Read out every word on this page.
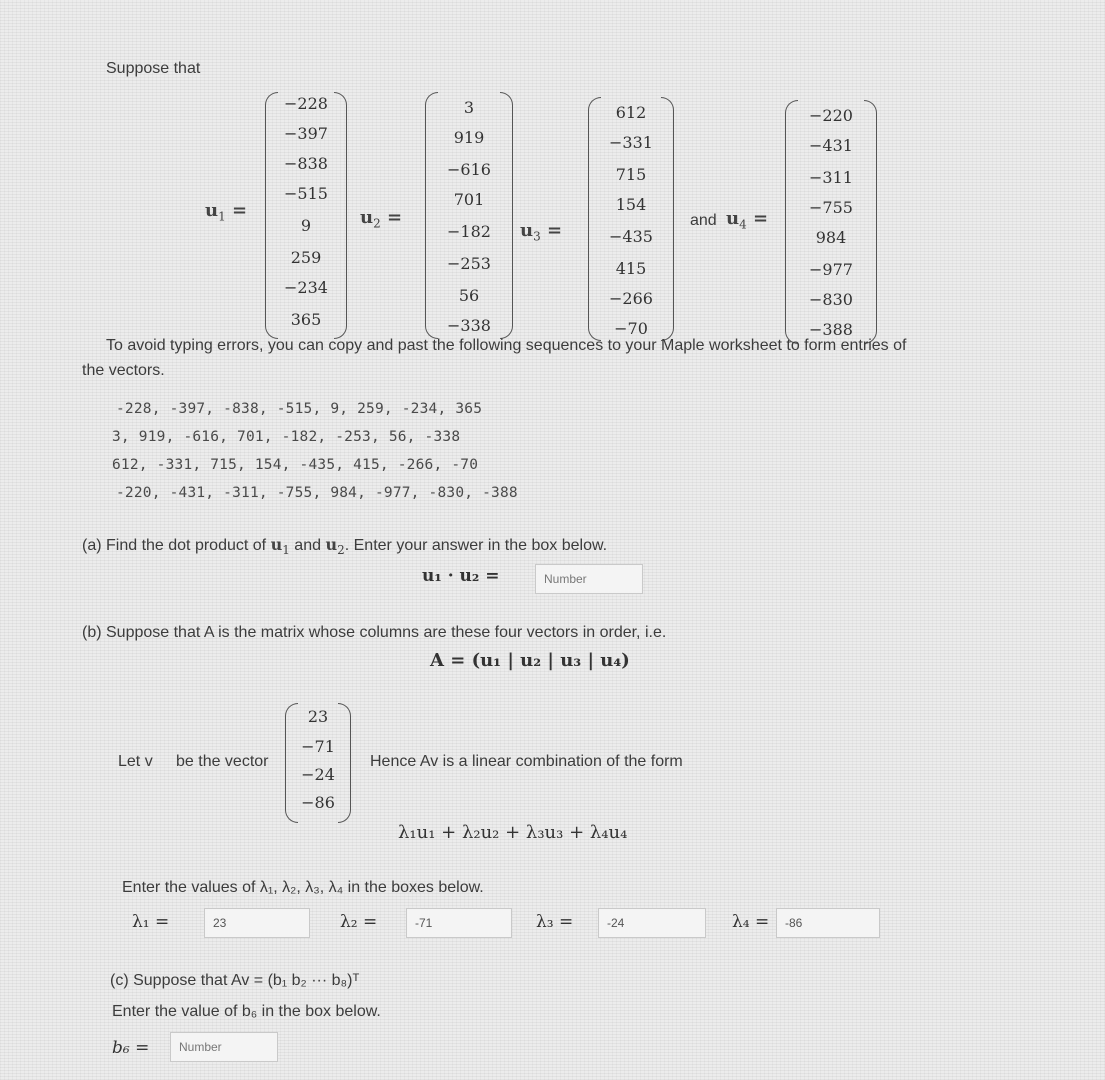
Suppose that
$u_1$ =
−228
−397
−838
−515
9
259
−234
365
$u_2$ =
3
919
−616
701
−182
−253
56
−338
$u_3$ =
612
−331
715
154
−435
415
−266
−70
and $u_4$ =
−220
−431
−311
−755
984
−977
−830
−388
To avoid typing errors, you can copy and past the following sequences to your Maple worksheet to form entries of
the vectors.
-228, -397, -838, -515, 9, 259, -234, 365
3, 919, -616, 701, -182, -253, 56, -338
612, -331, 715, 154, -435, 415, -266, -70
-220, -431, -311, -755, 984, -977, -830, -388
(a) Find the dot product of $u_1$ and $u_2$. Enter your answer in the box below.
u₁ · u₂ =	Number
(b) Suppose that A is the matrix whose columns are these four vectors in order, i.e.
A = (u₁ | u₂ | u₃ | u₄)
Let v be the vector
23
−71
−24
−86
Hence Av is a linear combination of the form
λ₁u₁ + λ₂u₂ + λ₃u₃ + λ₄u₄
Enter the values of λ₁, λ₂, λ₃, λ₄ in the boxes below.
λ₁ =	23	λ₂ =	-71	λ₃ =	-24	λ₄ =	-86
(c) Suppose that Av = (b₁ b₂ ··· b₈)ᵀ
Enter the value of b₆ in the box below.
b₆ =	Number
